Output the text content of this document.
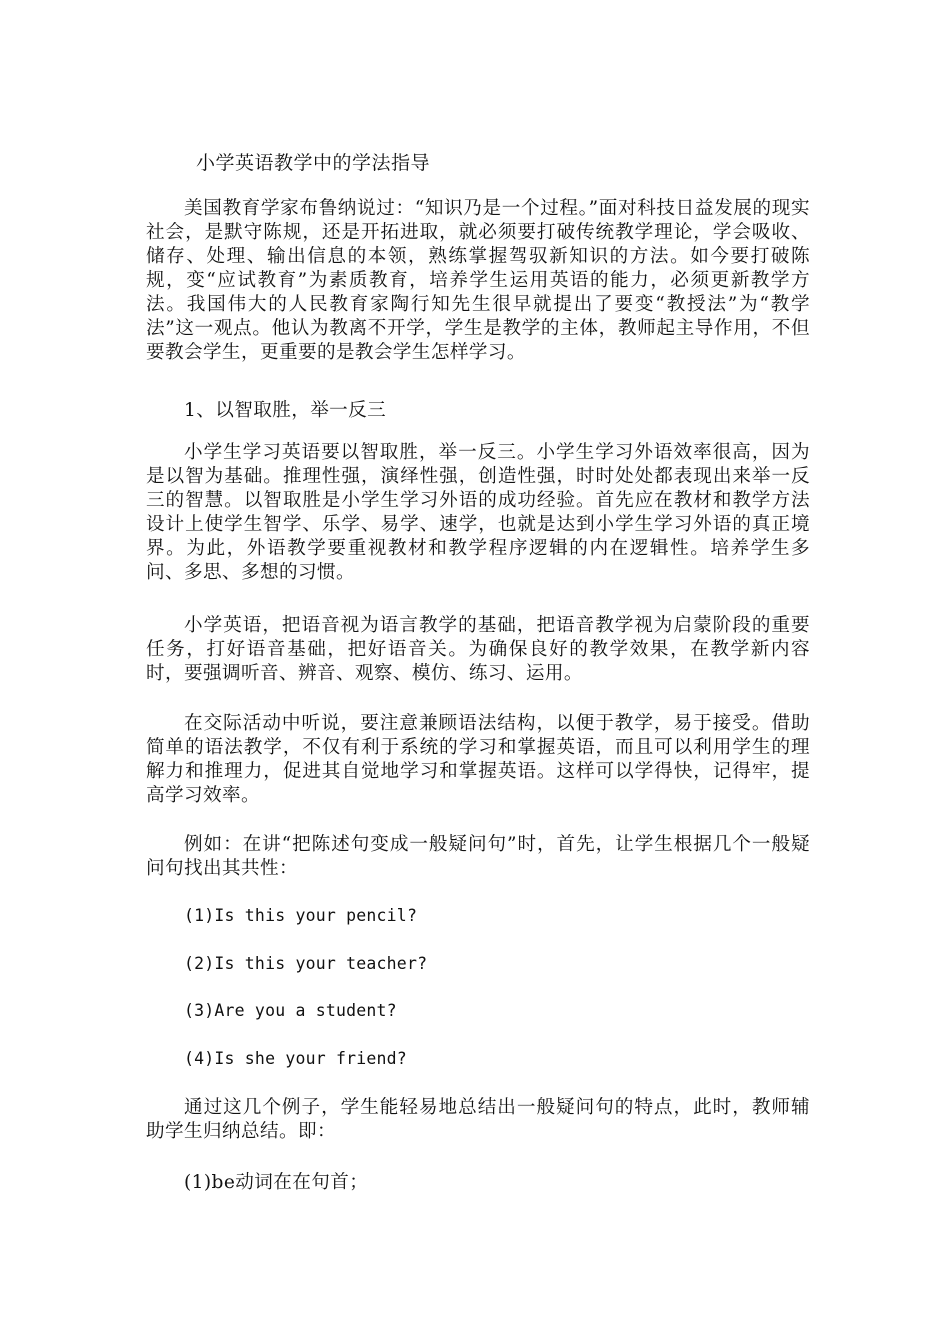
小学英语教学中的学法指导
美国教育学家布鲁纳说过：“知识乃是一个过程。”面对科技日益发展的现实社会，是默守陈规，还是开拓进取，就必须要打破传统教学理论，学会吸收、储存、处理、输出信息的本领，熟练掌握驾驭新知识的方法。如今要打破陈规，变“应试教育”为素质教育，培养学生运用英语的能力，必须更新教学方法。我国伟大的人民教育家陶行知先生很早就提出了要变“教授法”为“教学法”这一观点。他认为教离不开学，学生是教学的主体，教师起主导作用，不但要教会学生，更重要的是教会学生怎样学习。
1、以智取胜，举一反三
小学生学习英语要以智取胜，举一反三。小学生学习外语效率很高，因为是以智为基础。推理性强，演绎性强，创造性强，时时处处都表现出来举一反三的智慧。以智取胜是小学生学习外语的成功经验。首先应在教材和教学方法设计上使学生智学、乐学、易学、速学，也就是达到小学生学习外语的真正境界。为此，外语教学要重视教材和教学程序逻辑的内在逻辑性。培养学生多问、多思、多想的习惯。
小学英语，把语音视为语言教学的基础，把语音教学视为启蒙阶段的重要任务，打好语音基础，把好语音关。为确保良好的教学效果，在教学新内容时，要强调听音、辨音、观察、模仿、练习、运用。
在交际活动中听说，要注意兼顾语法结构，以便于教学，易于接受。借助简单的语法教学，不仅有利于系统的学习和掌握英语，而且可以利用学生的理解力和推理力，促进其自觉地学习和掌握英语。这样可以学得快，记得牢，提高学习效率。
例如：在讲“把陈述句变成一般疑问句”时，首先，让学生根据几个一般疑问句找出其共性：
(1)Is this your pencil?
(2)Is this your teacher?
(3)Are you a student?
(4)Is she your friend?
通过这几个例子，学生能轻易地总结出一般疑问句的特点，此时，教师辅助学生归纳总结。即：
(1)be动词在在句首；
